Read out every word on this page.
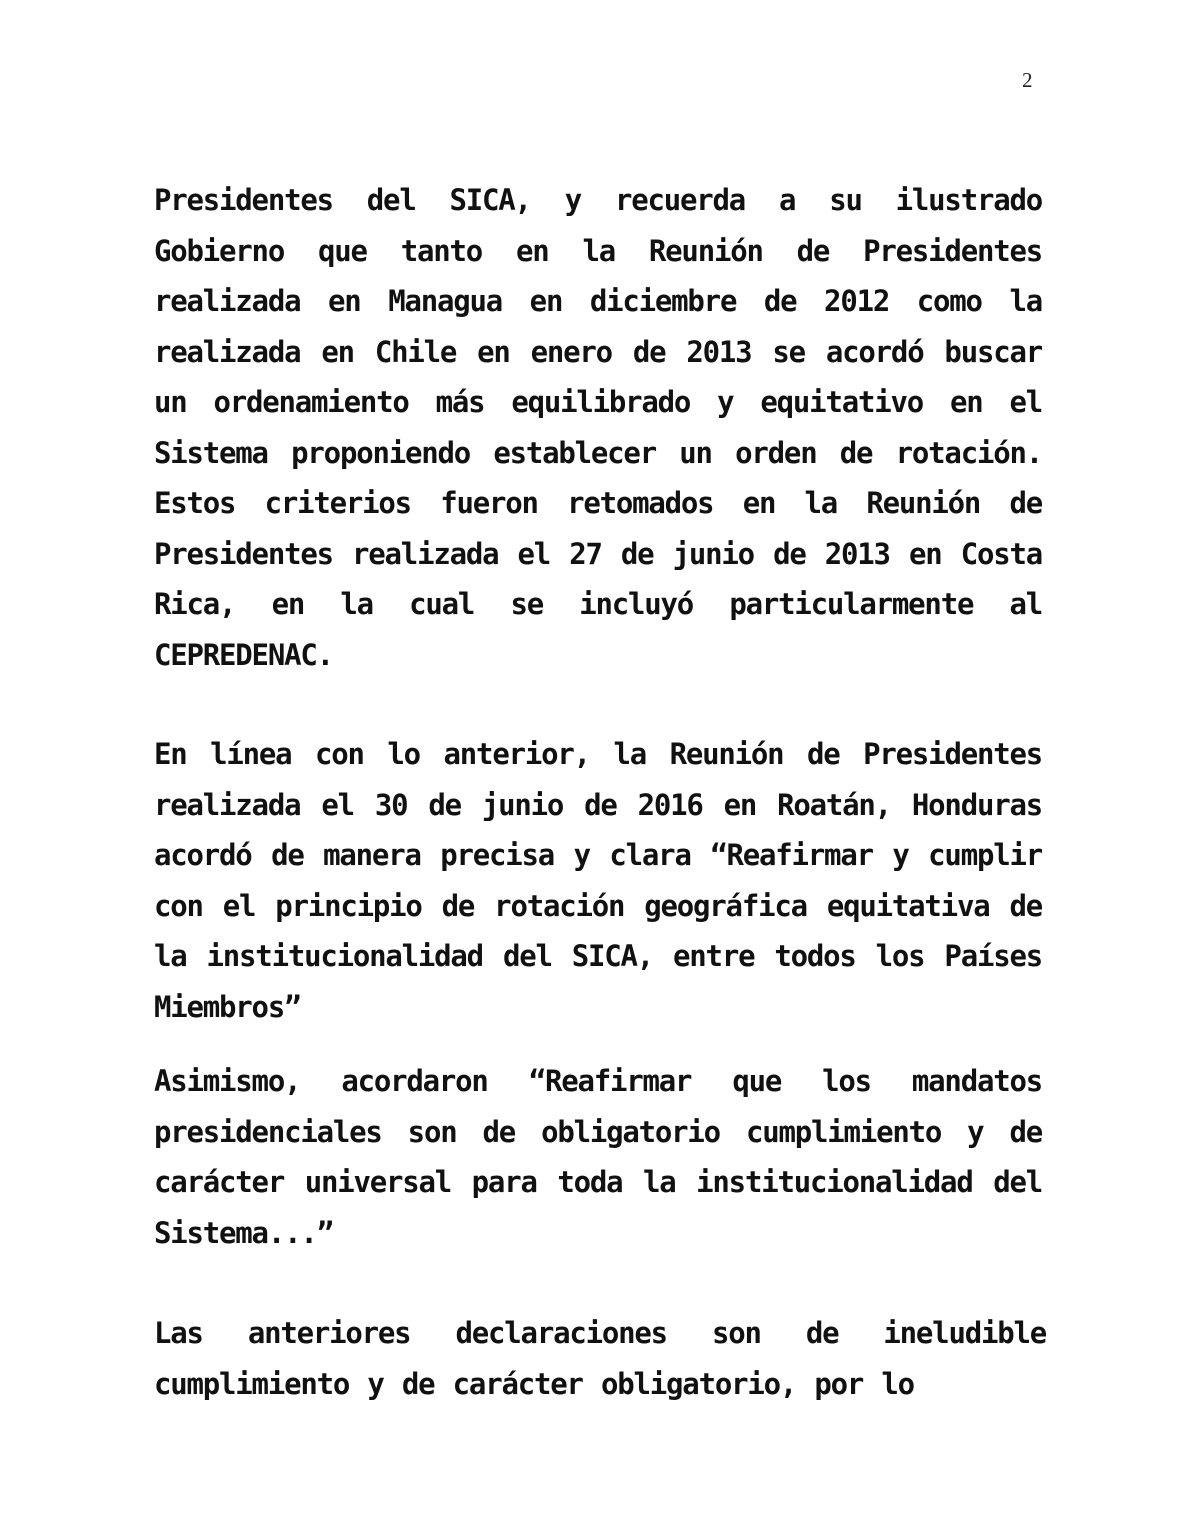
2

Presidentes del SICA, y recuerda a su ilustrado Gobierno que tanto en la Reunión de Presidentes realizada en Managua en diciembre de 2012 como la realizada en Chile en enero de 2013 se acordó buscar un ordenamiento más equilibrado y equitativo en el Sistema proponiendo establecer un orden de rotación. Estos criterios fueron retomados en la Reunión de Presidentes realizada el 27 de junio de 2013 en Costa Rica, en la cual se incluyó particularmente al CEPREDENAC.

En línea con lo anterior, la Reunión de Presidentes realizada el 30 de junio de 2016 en Roatán, Honduras acordó de manera precisa y clara “Reafirmar y cumplir con el principio de rotación geográfica equitativa de la institucionalidad del SICA, entre todos los Países Miembros”

Asimismo, acordaron “Reafirmar que los mandatos presidenciales son de obligatorio cumplimiento y de carácter universal para toda la institucionalidad del Sistema...”

Las anteriores declaraciones son de ineludible cumplimiento y de carácter obligatorio, por lo
